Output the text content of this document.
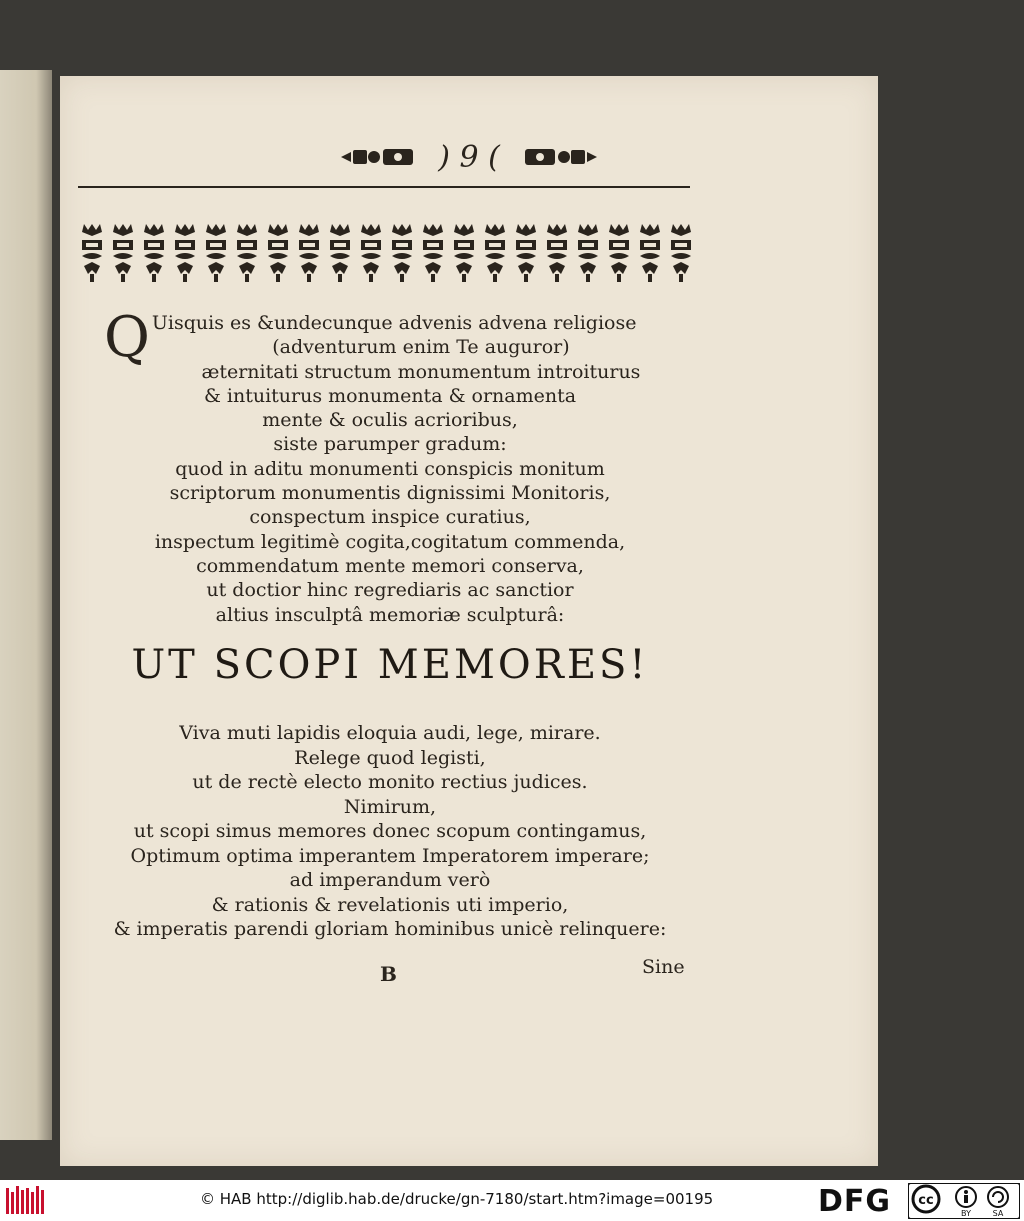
) 9 (
Q Uisquis es &undecunque advenis advena religiose
(adventurum enim Te auguror)
æternitati structum monumentum introiturus
& intuiturus monumenta & ornamenta
mente & oculis acrioribus,
siste parumper gradum:
quod in aditu monumenti conspicis monitum
scriptorum monumentis dignissimi Monitoris,
conspectum inspice curatius,
inspectum legitimè cogita,cogitatum commenda,
commendatum mente memori conserva,
ut doctior hinc regrediaris ac sanctior
altius insculptâ memoriæ sculpturâ:
UT SCOPI MEMORES!
Viva muti lapidis eloquia audi, lege, mirare.
Relege quod legisti,
ut de rectè electo monito rectius judices.
Nimirum,
ut scopi simus memores donec scopum contingamus,
Optimum optima imperantem Imperatorem imperare;
ad imperandum verò
& rationis & revelationis uti imperio,
& imperatis parendi gloriam hominibus unicè relinquere:
B	Sine
© HAB http://diglib.hab.de/drucke/gn-7180/start.htm?image=00195	DFG cc
BY	SA
